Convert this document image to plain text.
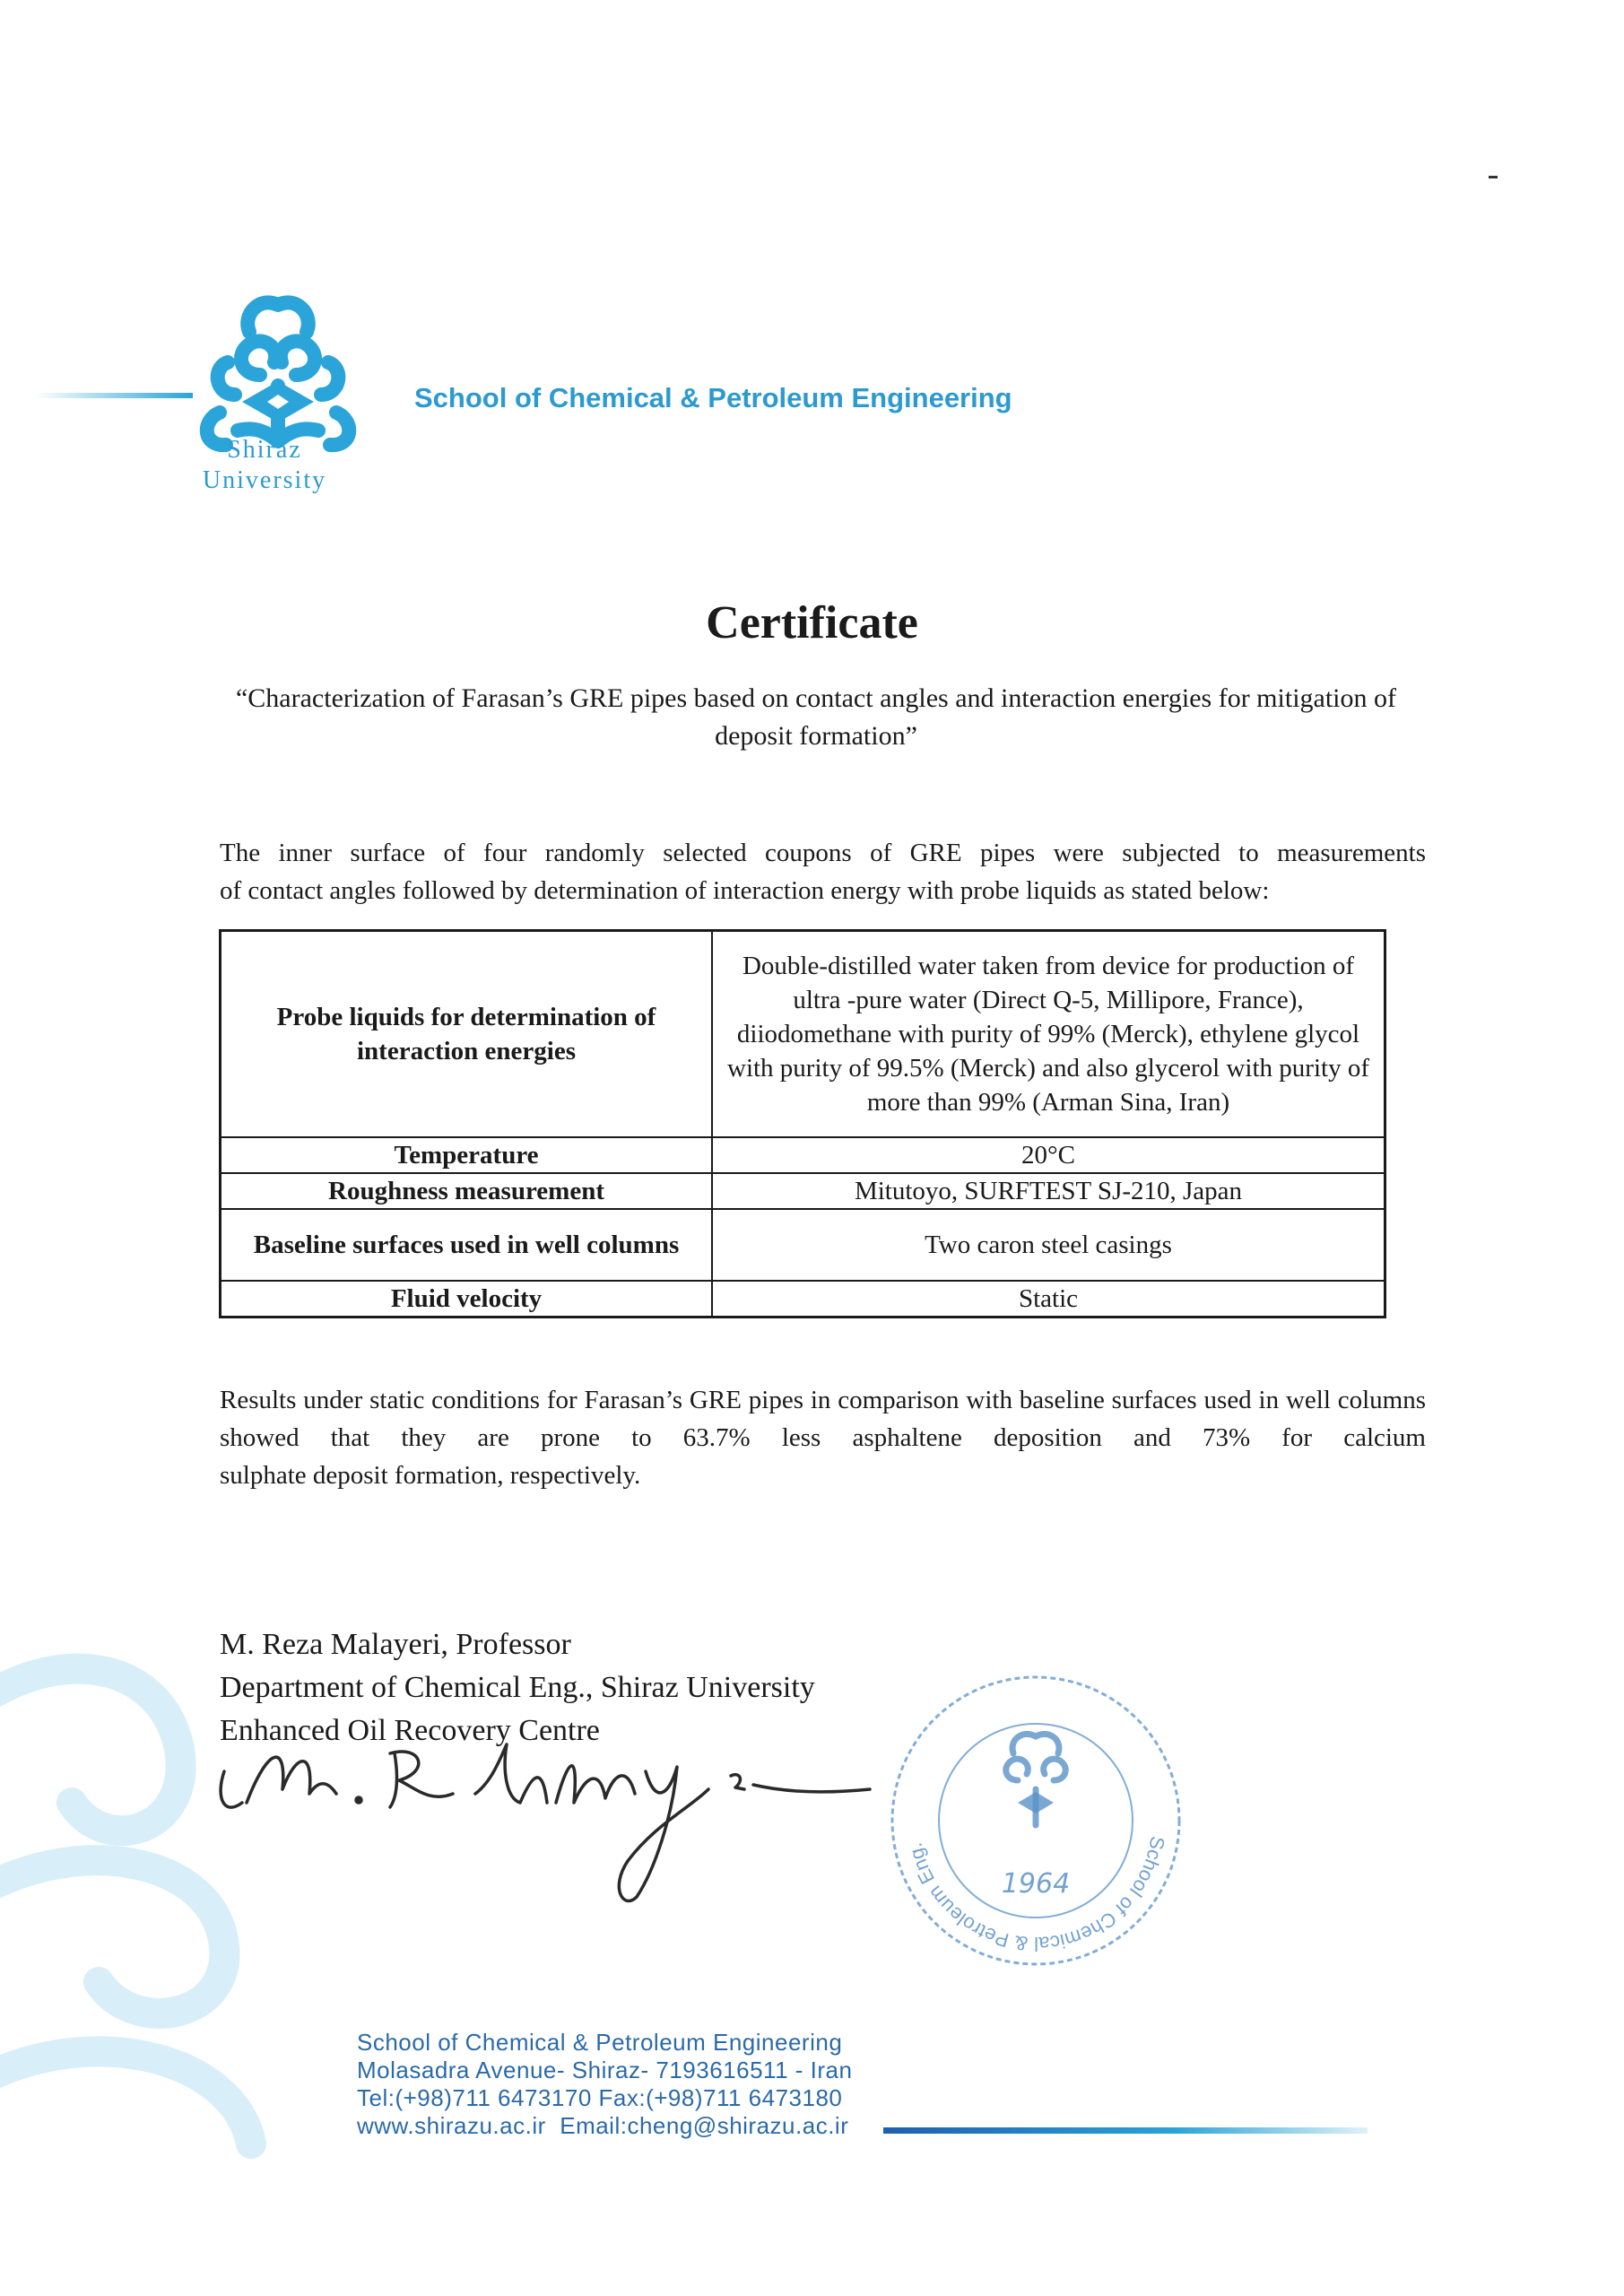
Shiraz
University
School of Chemical & Petroleum Engineering
Certificate
“Characterization of Farasan’s GRE pipes based on contact angles and interaction energies for mitigation of deposit formation”
The inner surface of four randomly selected coupons of GRE pipes were subjected to measurements
of contact angles followed by determination of interaction energy with probe liquids as stated below:
Probe liquids for determination of interaction energies	Double-distilled water taken from device for production of ultra -pure water (Direct Q-5, Millipore, France), diiodomethane with purity of 99% (Merck), ethylene glycol with purity of 99.5% (Merck) and also glycerol with purity of more than 99% (Arman Sina, Iran)
Temperature	20°C
Roughness measurement	Mitutoyo, SURFTEST SJ-210, Japan
Baseline surfaces used in well columns	Two caron steel casings
Fluid velocity	Static
Results under static conditions for Farasan’s GRE pipes in comparison with baseline surfaces used in well columns showed that they are prone to 63.7% less asphaltene deposition and 73% for calcium
sulphate deposit formation, respectively.
M. Reza Malayeri, Professor
Department of Chemical Eng., Shiraz University
Enhanced Oil Recovery Centre
School of Chemical & Petroleum Eng.
1964
School of Chemical & Petroleum Engineering
Molasadra Avenue- Shiraz- 7193616511 - Iran
Tel:(+98)711 6473170 Fax:(+98)711 6473180
www.shirazu.ac.ir  Email:cheng@shirazu.ac.ir
